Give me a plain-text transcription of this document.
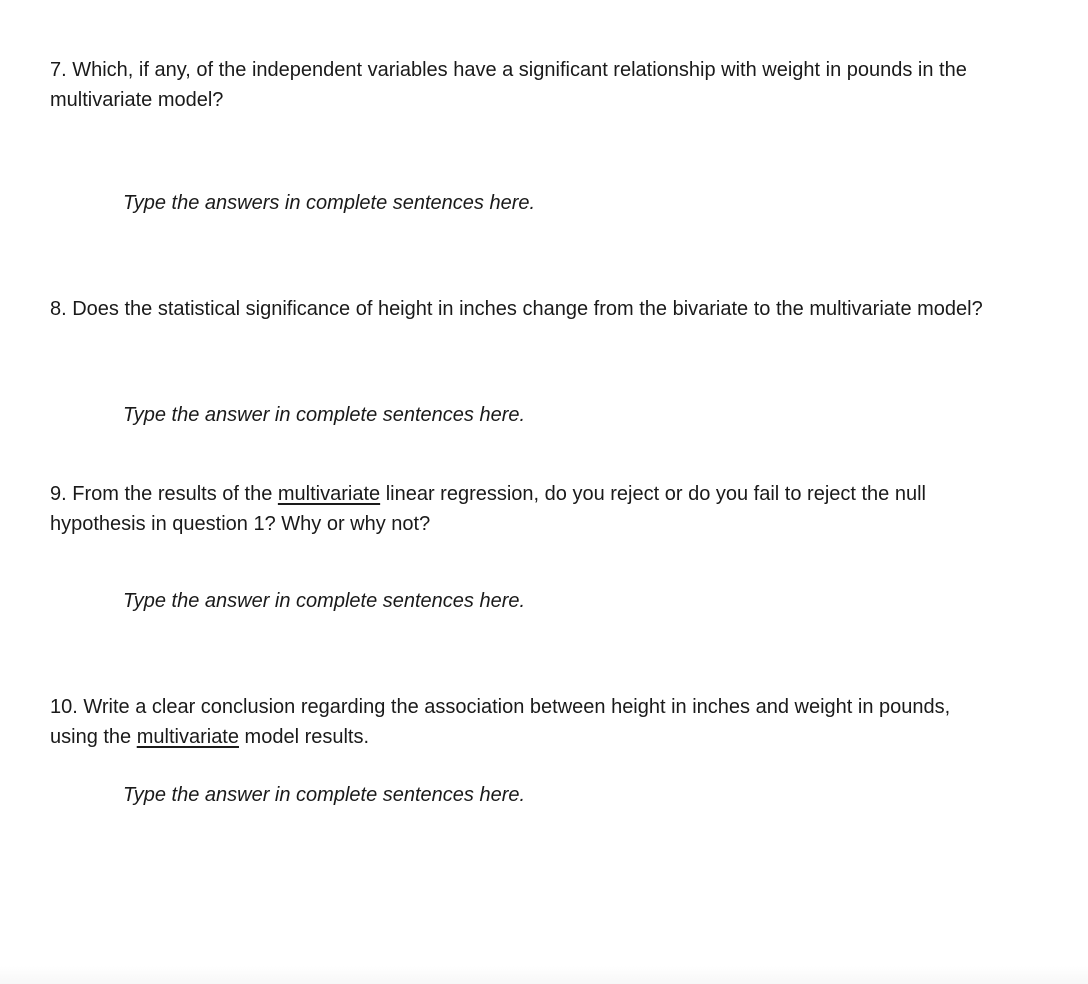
7. Which, if any, of the independent variables have a significant relationship with weight in pounds in the multivariate model?

Type the answers in complete sentences here.

8. Does the statistical significance of height in inches change from the bivariate to the multivariate model?

Type the answer in complete sentences here.

9. From the results of the multivariate linear regression, do you reject or do you fail to reject the null hypothesis in question 1? Why or why not?

Type the answer in complete sentences here.

10. Write a clear conclusion regarding the association between height in inches and weight in pounds, using the multivariate model results.

Type the answer in complete sentences here.
